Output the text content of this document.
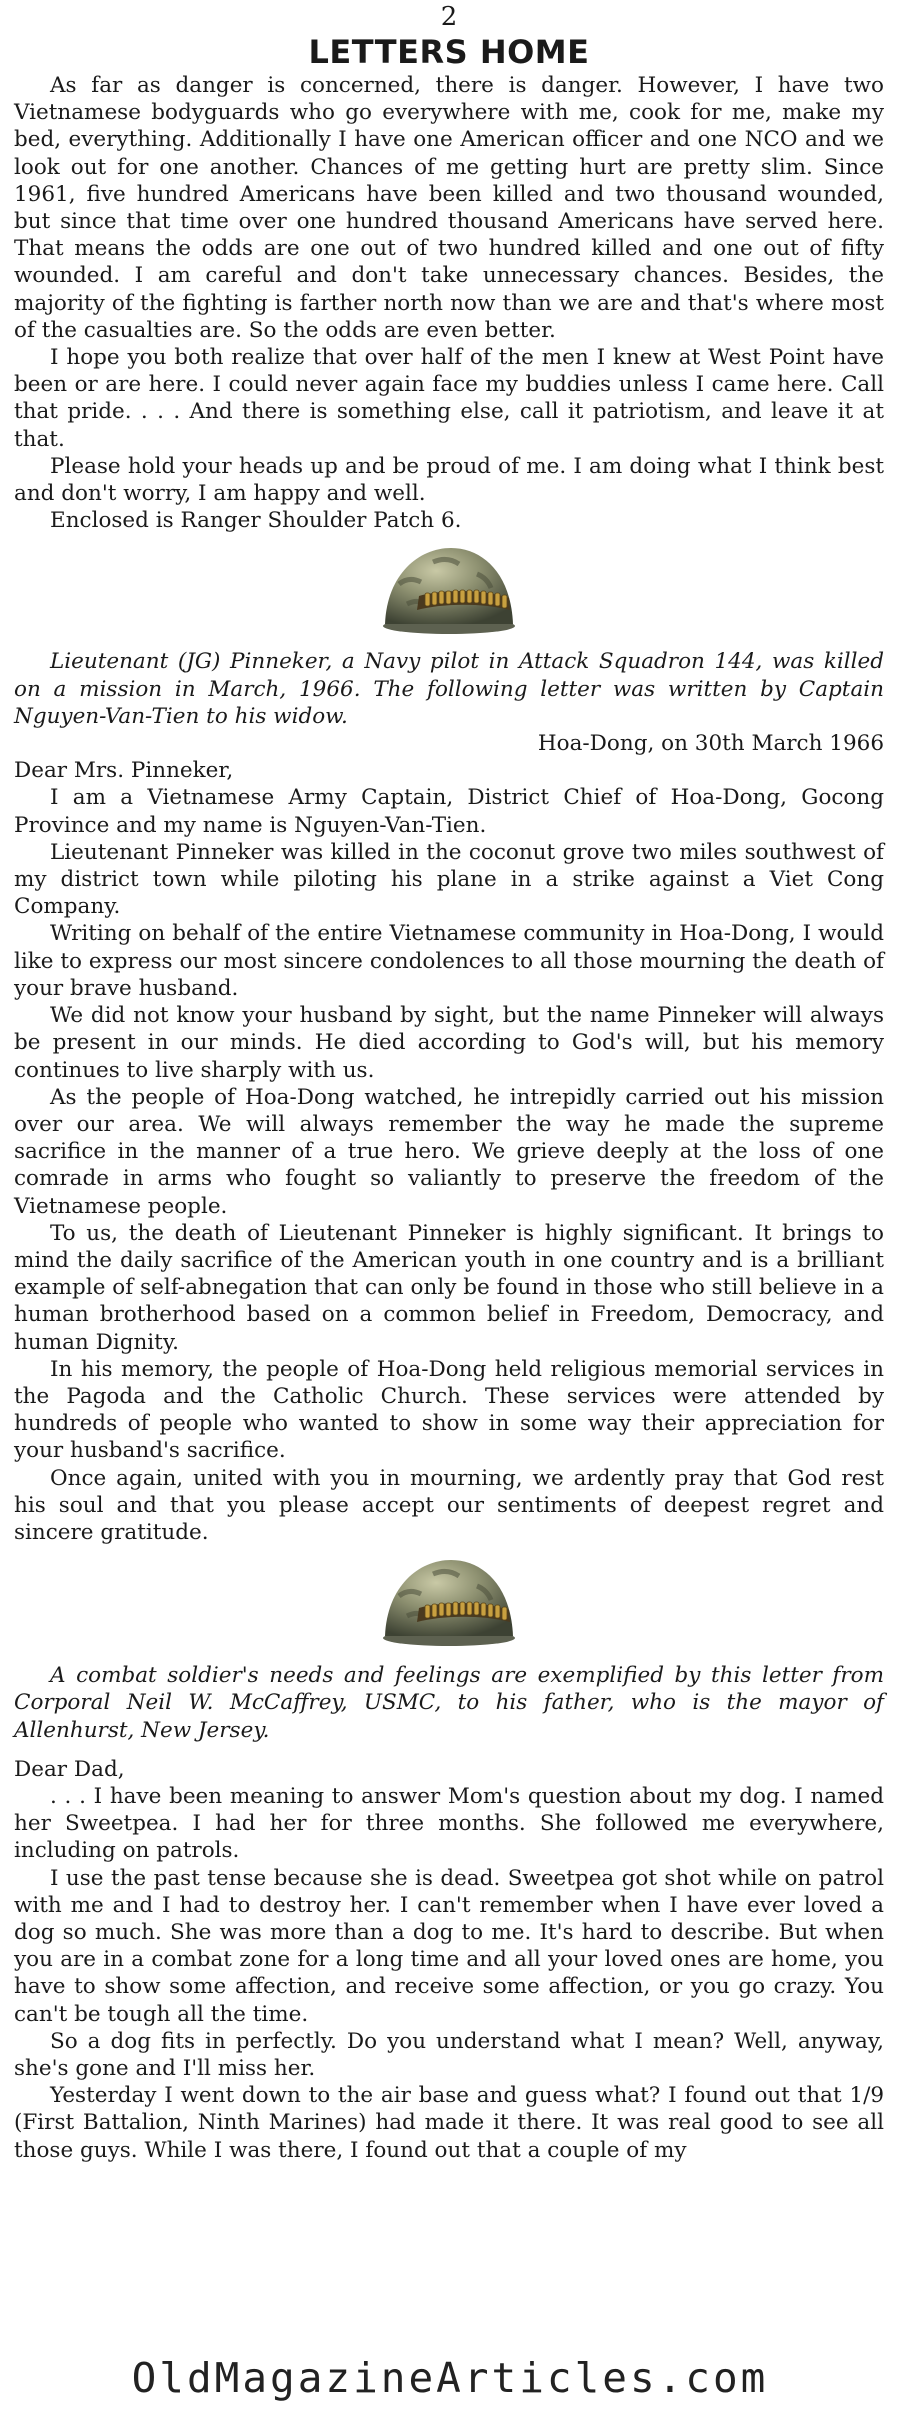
2
LETTERS HOME

As far as danger is concerned, there is danger. However, I have two Vietnamese bodyguards who go everywhere with me, cook for me, make my bed, everything. Additionally I have one American officer and one NCO and we look out for one another. Chances of me getting hurt are pretty slim. Since 1961, five hundred Americans have been killed and two thousand wounded, but since that time over one hundred thousand Americans have served here. That means the odds are one out of two hundred killed and one out of fifty wounded. I am careful and don't take unnecessary chances. Besides, the majority of the fighting is farther north now than we are and that's where most of the casualties are. So the odds are even better.

I hope you both realize that over half of the men I knew at West Point have been or are here. I could never again face my buddies unless I came here. Call that pride. . . . And there is something else, call it patriotism, and leave it at that.

Please hold your heads up and be proud of me. I am doing what I think best and don't worry, I am happy and well.

Enclosed is Ranger Shoulder Patch 6.

Lieutenant (JG) Pinneker, a Navy pilot in Attack Squadron 144, was killed on a mission in March, 1966. The following letter was written by Captain Nguyen-Van-Tien to his widow.

Hoa-Dong, on 30th March 1966

Dear Mrs. Pinneker,

I am a Vietnamese Army Captain, District Chief of Hoa-Dong, Gocong Province and my name is Nguyen-Van-Tien.

Lieutenant Pinneker was killed in the coconut grove two miles southwest of my district town while piloting his plane in a strike against a Viet Cong Company.

Writing on behalf of the entire Vietnamese community in Hoa-Dong, I would like to express our most sincere condolences to all those mourning the death of your brave husband.

We did not know your husband by sight, but the name Pinneker will always be present in our minds. He died according to God's will, but his memory continues to live sharply with us.

As the people of Hoa-Dong watched, he intrepidly carried out his mission over our area. We will always remember the way he made the supreme sacrifice in the manner of a true hero. We grieve deeply at the loss of one comrade in arms who fought so valiantly to preserve the freedom of the Vietnamese people.

To us, the death of Lieutenant Pinneker is highly significant. It brings to mind the daily sacrifice of the American youth in one country and is a brilliant example of self-abnegation that can only be found in those who still believe in a human brotherhood based on a common belief in Freedom, Democracy, and human Dignity.

In his memory, the people of Hoa-Dong held religious memorial services in the Pagoda and the Catholic Church. These services were attended by hundreds of people who wanted to show in some way their appreciation for your husband's sacrifice.

Once again, united with you in mourning, we ardently pray that God rest his soul and that you please accept our sentiments of deepest regret and sincere gratitude.

A combat soldier's needs and feelings are exemplified by this letter from Corporal Neil W. McCaffrey, USMC, to his father, who is the mayor of Allenhurst, New Jersey.

Dear Dad,

. . . I have been meaning to answer Mom's question about my dog. I named her Sweetpea. I had her for three months. She followed me everywhere, including on patrols.

I use the past tense because she is dead. Sweetpea got shot while on patrol with me and I had to destroy her. I can't remember when I have ever loved a dog so much. She was more than a dog to me. It's hard to describe. But when you are in a combat zone for a long time and all your loved ones are home, you have to show some affection, and receive some affection, or you go crazy. You can't be tough all the time.

So a dog fits in perfectly. Do you understand what I mean? Well, anyway, she's gone and I'll miss her.

Yesterday I went down to the air base and guess what? I found out that 1/9 (First Battalion, Ninth Marines) had made it there. It was real good to see all those guys. While I was there, I found out that a couple of my

OldMagazineArticles.com
